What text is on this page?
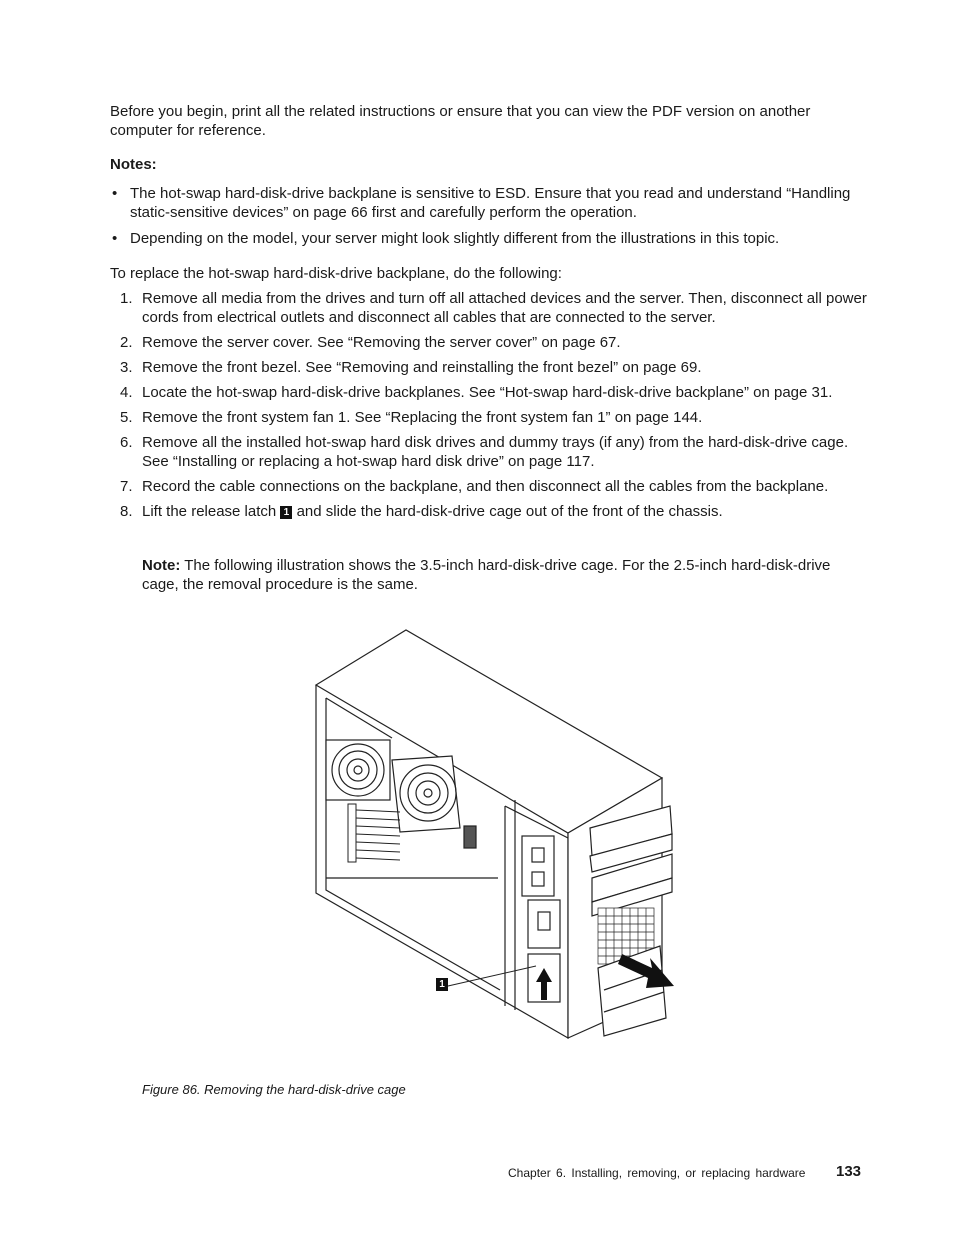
Before you begin, print all the related instructions or ensure that you can view the PDF version on another computer for reference.

Notes:

• The hot-swap hard-disk-drive backplane is sensitive to ESD. Ensure that you read and understand “Handling static-sensitive devices” on page 66 first and carefully perform the operation.
• Depending on the model, your server might look slightly different from the illustrations in this topic.

To replace the hot-swap hard-disk-drive backplane, do the following:

1. Remove all media from the drives and turn off all attached devices and the server. Then, disconnect all power cords from electrical outlets and disconnect all cables that are connected to the server.
2. Remove the server cover. See “Removing the server cover” on page 67.
3. Remove the front bezel. See “Removing and reinstalling the front bezel” on page 69.
4. Locate the hot-swap hard-disk-drive backplanes. See “Hot-swap hard-disk-drive backplane” on page 31.
5. Remove the front system fan 1. See “Replacing the front system fan 1” on page 144.
6. Remove all the installed hot-swap hard disk drives and dummy trays (if any) from the hard-disk-drive cage. See “Installing or replacing a hot-swap hard disk drive” on page 117.
7. Record the cable connections on the backplane, and then disconnect all the cables from the backplane.
8. Lift the release latch 1 and slide the hard-disk-drive cage out of the front of the chassis.

Note: The following illustration shows the 3.5-inch hard-disk-drive cage. For the 2.5-inch hard-disk-drive cage, the removal procedure is the same.

1

Figure 86. Removing the hard-disk-drive cage

Chapter 6. Installing, removing, or replacing hardware 133
